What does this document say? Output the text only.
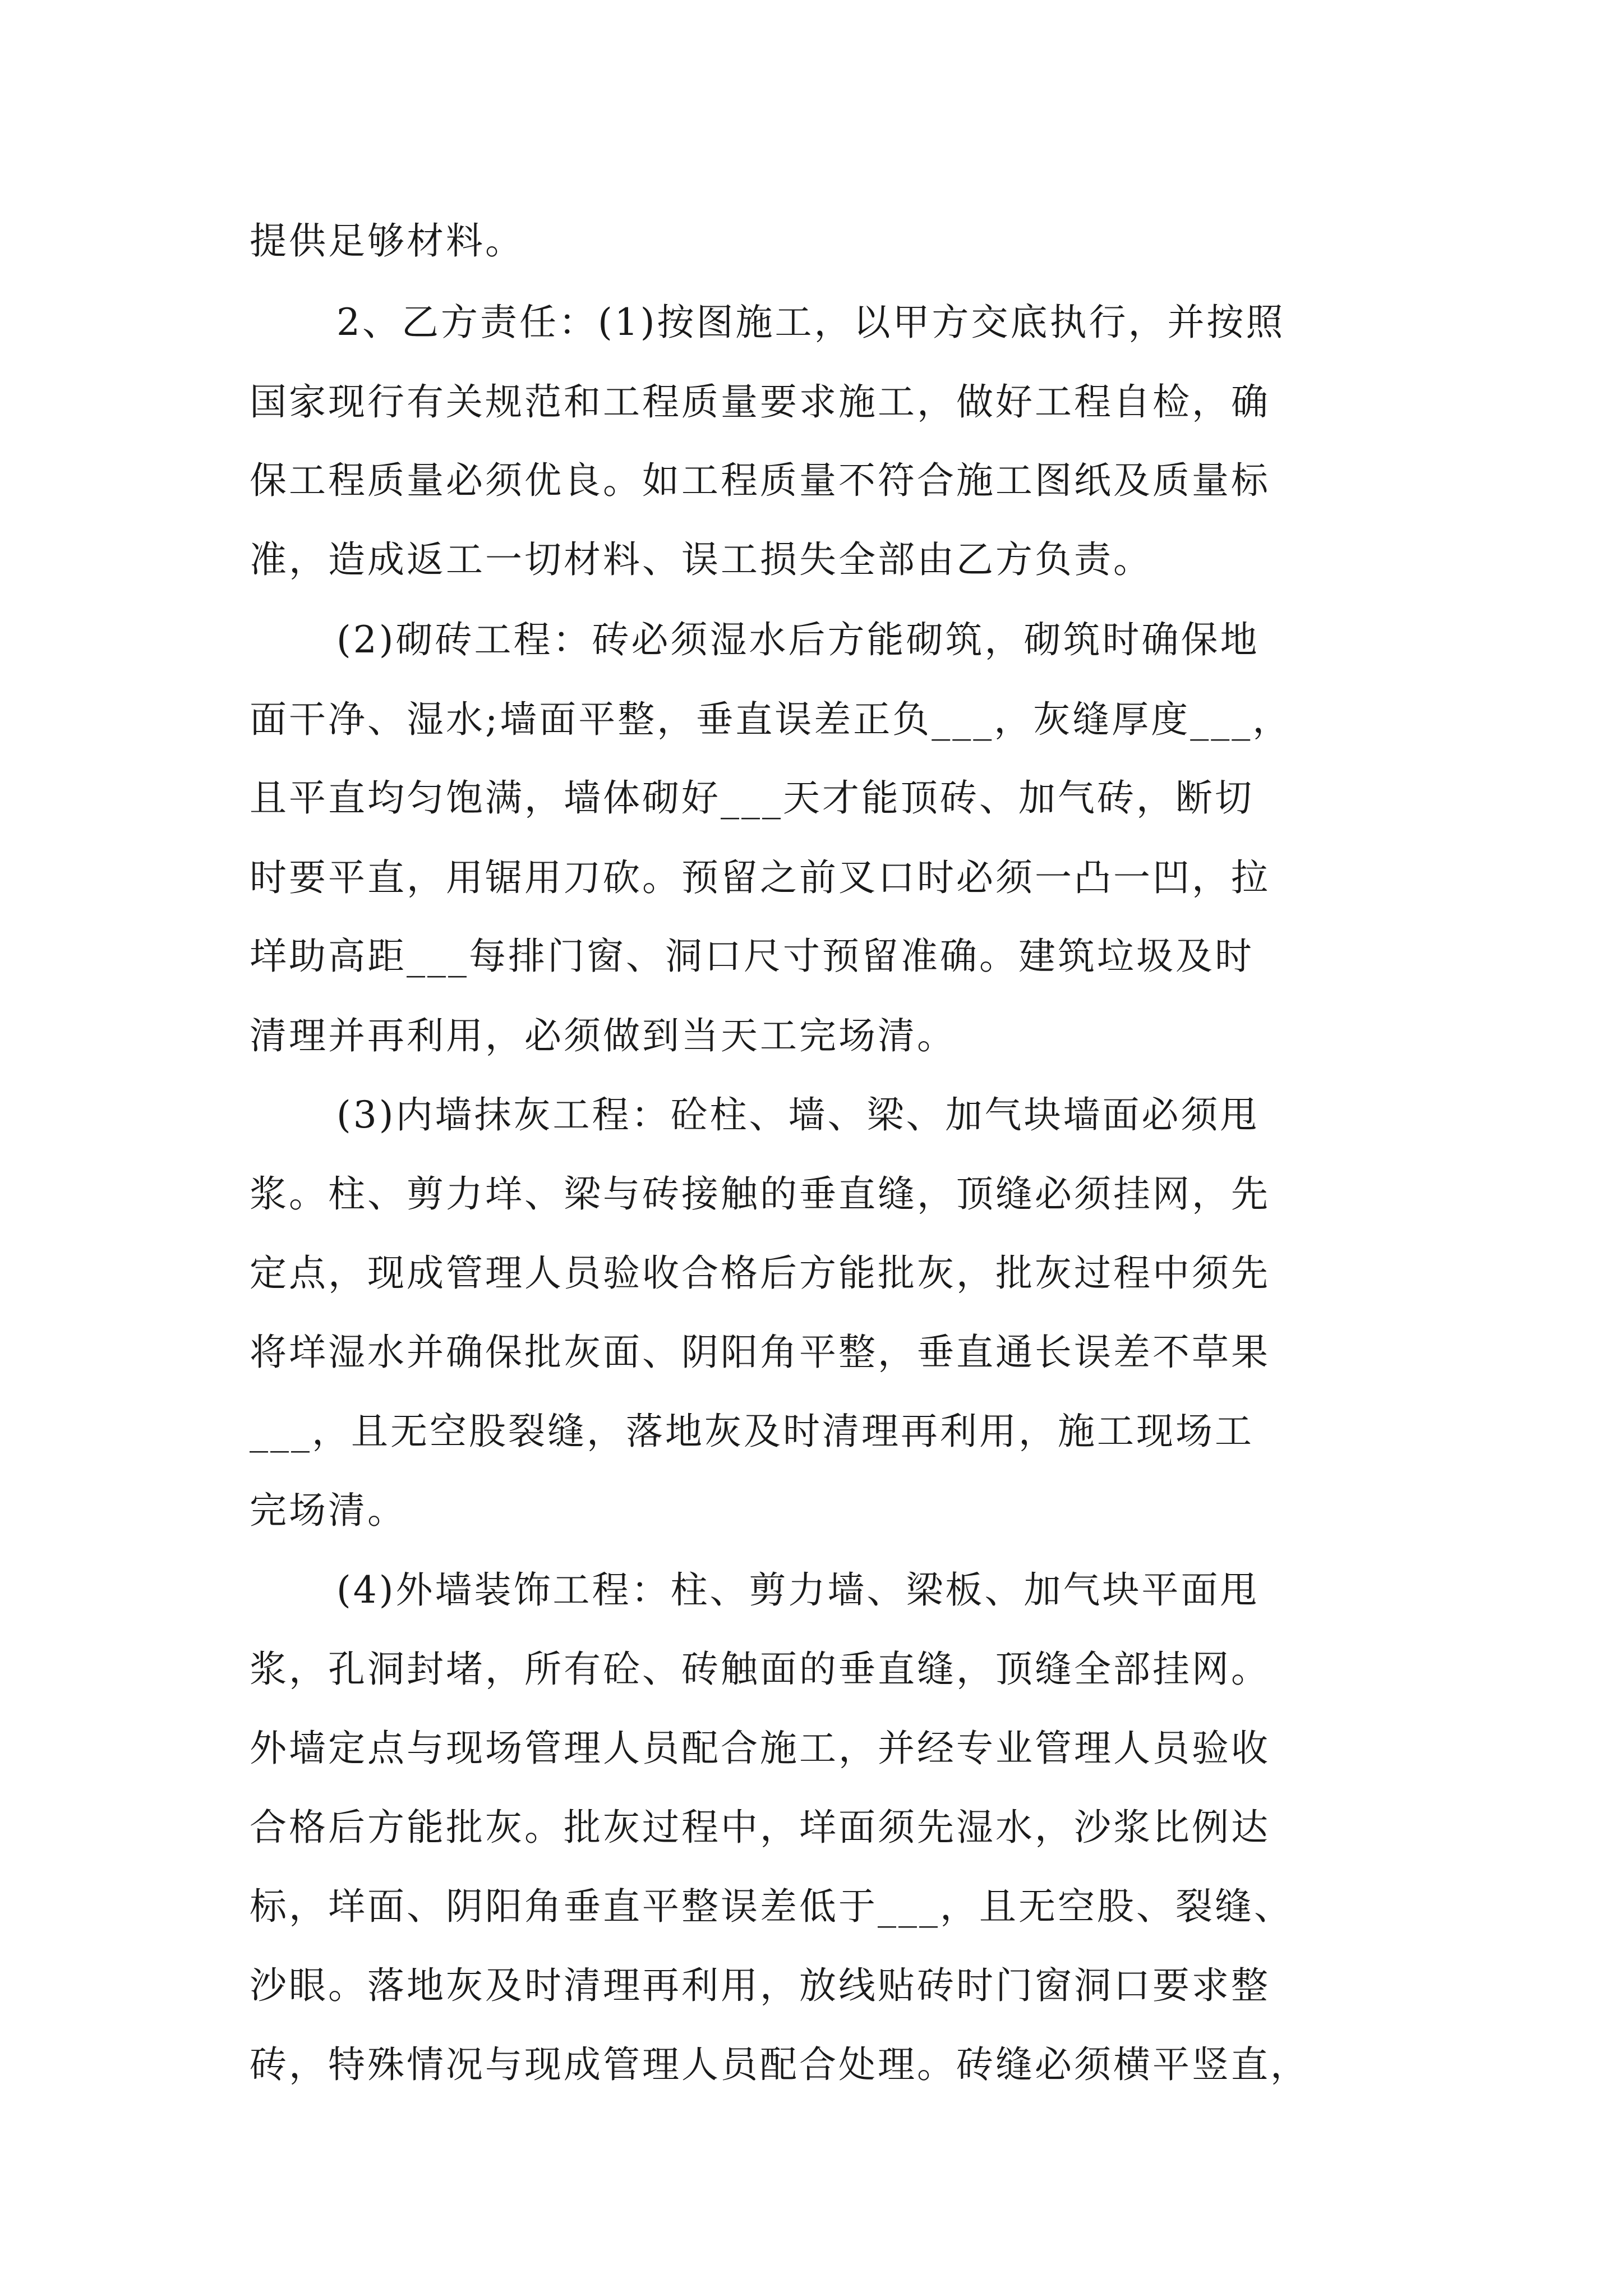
提供足够材料。
2、乙方责任：(1)按图施工，以甲方交底执行，并按照
国家现行有关规范和工程质量要求施工，做好工程自检，确
保工程质量必须优良。如工程质量不符合施工图纸及质量标
准，造成返工一切材料、误工损失全部由乙方负责。
(2)砌砖工程：砖必须湿水后方能砌筑，砌筑时确保地
面干净、湿水;墙面平整，垂直误差正负___，灰缝厚度___，
且平直均匀饱满，墙体砌好___天才能顶砖、加气砖，断切
时要平直，用锯用刀砍。预留之前叉口时必须一凸一凹，拉
垟助高距___每排门窗、洞口尺寸预留准确。建筑垃圾及时
清理并再利用，必须做到当天工完场清。
(3)内墙抹灰工程：砼柱、墙、梁、加气块墙面必须甩
浆。柱、剪力垟、梁与砖接触的垂直缝，顶缝必须挂网，先
定点，现成管理人员验收合格后方能批灰，批灰过程中须先
将垟湿水并确保批灰面、阴阳角平整，垂直通长误差不草果
___，且无空股裂缝，落地灰及时清理再利用，施工现场工
完场清。
(4)外墙装饰工程：柱、剪力墙、梁板、加气块平面甩
浆，孔洞封堵，所有砼、砖触面的垂直缝，顶缝全部挂网。
外墙定点与现场管理人员配合施工，并经专业管理人员验收
合格后方能批灰。批灰过程中，垟面须先湿水，沙浆比例达
标，垟面、阴阳角垂直平整误差低于___，且无空股、裂缝、
沙眼。落地灰及时清理再利用，放线贴砖时门窗洞口要求整
砖，特殊情况与现成管理人员配合处理。砖缝必须横平竖直，
